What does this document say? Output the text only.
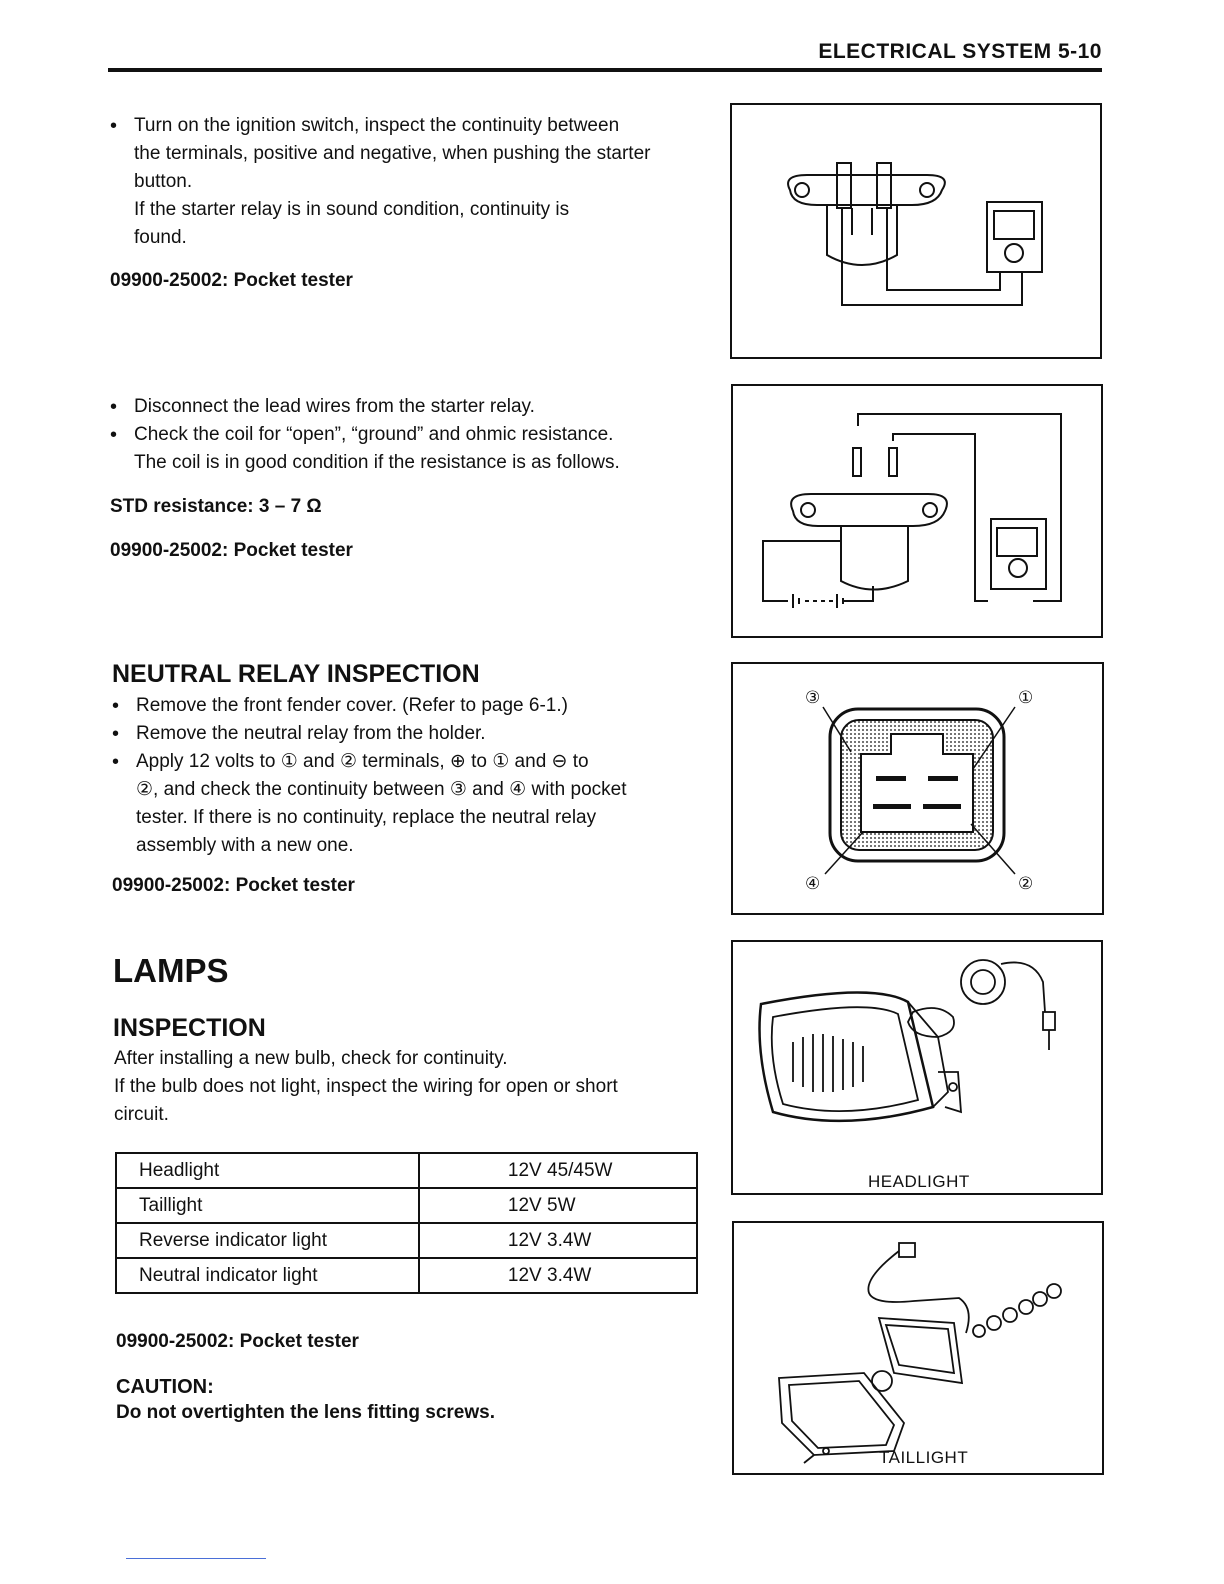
ELECTRICAL SYSTEM 5-10
• Turn on the ignition switch, inspect the continuity between
the terminals, positive and negative, when pushing the starter
button.
If the starter relay is in sound condition, continuity is
found.
09900-25002: Pocket tester
• Disconnect the lead wires from the starter relay.
• Check the coil for “open”, “ground” and ohmic resistance.
The coil is in good condition if the resistance is as follows.
STD resistance: 3 – 7 Ω
09900-25002: Pocket tester
NEUTRAL RELAY INSPECTION
• Remove the front fender cover. (Refer to page 6-1.)
• Remove the neutral relay from the holder.
• Apply 12 volts to ① and ② terminals, ⊕ to ① and ⊖ to
②, and check the continuity between ③ and ④ with pocket
tester. If there is no continuity, replace the neutral relay
assembly with a new one.
09900-25002: Pocket tester
LAMPS
INSPECTION
After installing a new bulb, check for continuity.
If the bulb does not light, inspect the wiring for open or short
circuit.
Headlight	12V 45/45W
Taillight	12V 5W
Reverse indicator light	12V 3.4W
Neutral indicator light	12V 3.4W
09900-25002: Pocket tester
CAUTION:
Do not overtighten the lens fitting screws.
③	①
④	②
HEADLIGHT
TAILLIGHT
